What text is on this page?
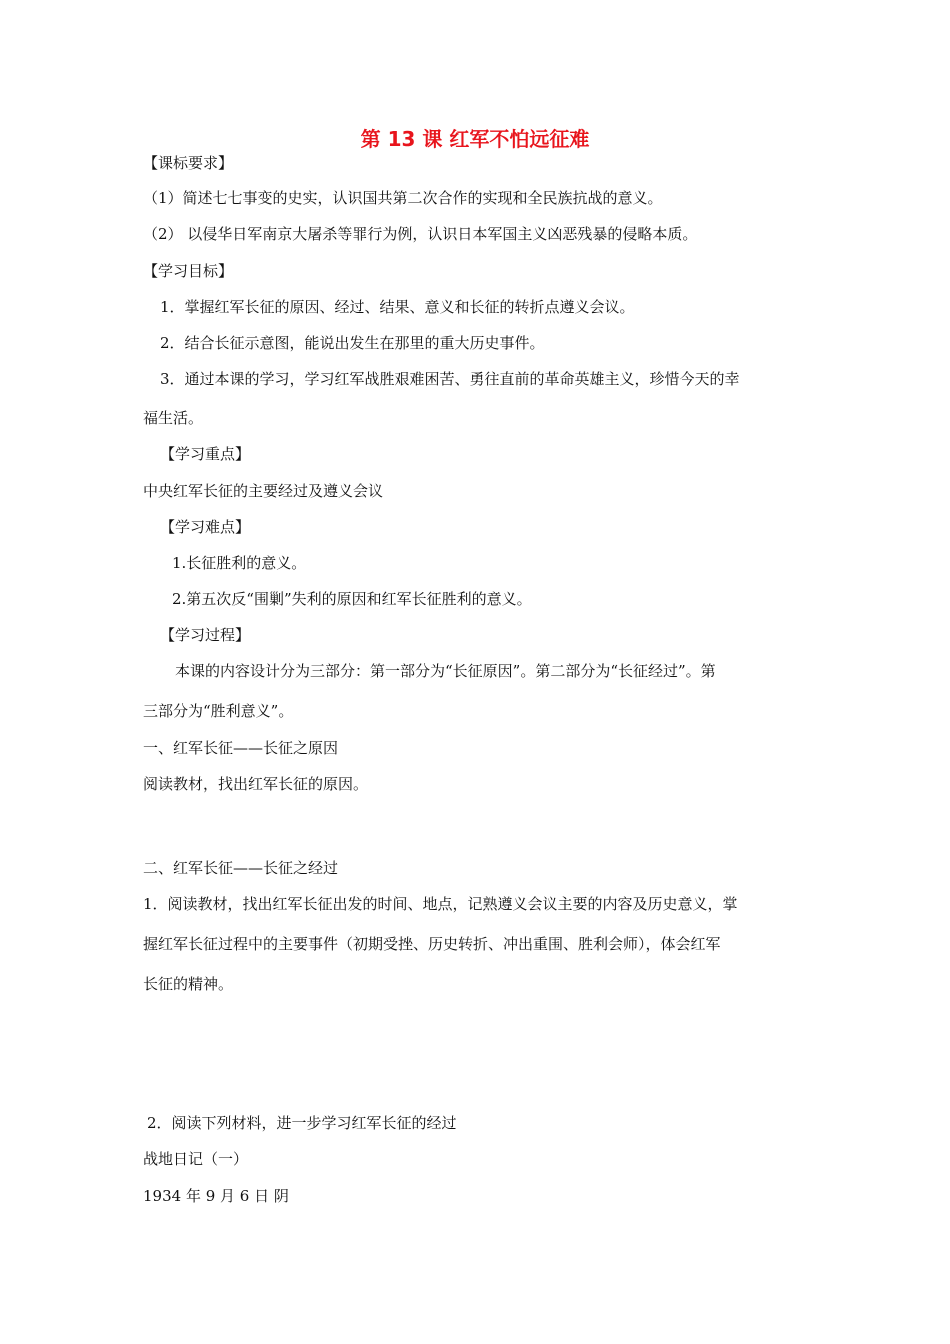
第 13 课 红军不怕远征难
【课标要求】
（1）简述七七事变的史实，认识国共第二次合作的实现和全民族抗战的意义。
（2） 以侵华日军南京大屠杀等罪行为例，认识日本军国主义凶恶残暴的侵略本质。
【学习目标】
1．掌握红军长征的原因、经过、结果、意义和长征的转折点遵义会议。
2．结合长征示意图，能说出发生在那里的重大历史事件。
3．通过本课的学习，学习红军战胜艰难困苦、勇往直前的革命英雄主义，珍惜今天的幸
福生活。
【学习重点】
中央红军长征的主要经过及遵义会议
【学习难点】
1.长征胜利的意义。
2.第五次反“围剿”失利的原因和红军长征胜利的意义。
【学习过程】
本课的内容设计分为三部分：第一部分为“长征原因”。第二部分为“长征经过”。第
三部分为“胜利意义”。
一、红军长征——长征之原因
阅读教材，找出红军长征的原因。
二、红军长征——长征之经过
1．阅读教材，找出红军长征出发的时间、地点，记熟遵义会议主要的内容及历史意义，掌
握红军长征过程中的主要事件（初期受挫、历史转折、冲出重围、胜利会师），体会红军
长征的精神。
2．阅读下列材料，进一步学习红军长征的经过
战地日记（一）
1934 年 9 月 6 日 阴
